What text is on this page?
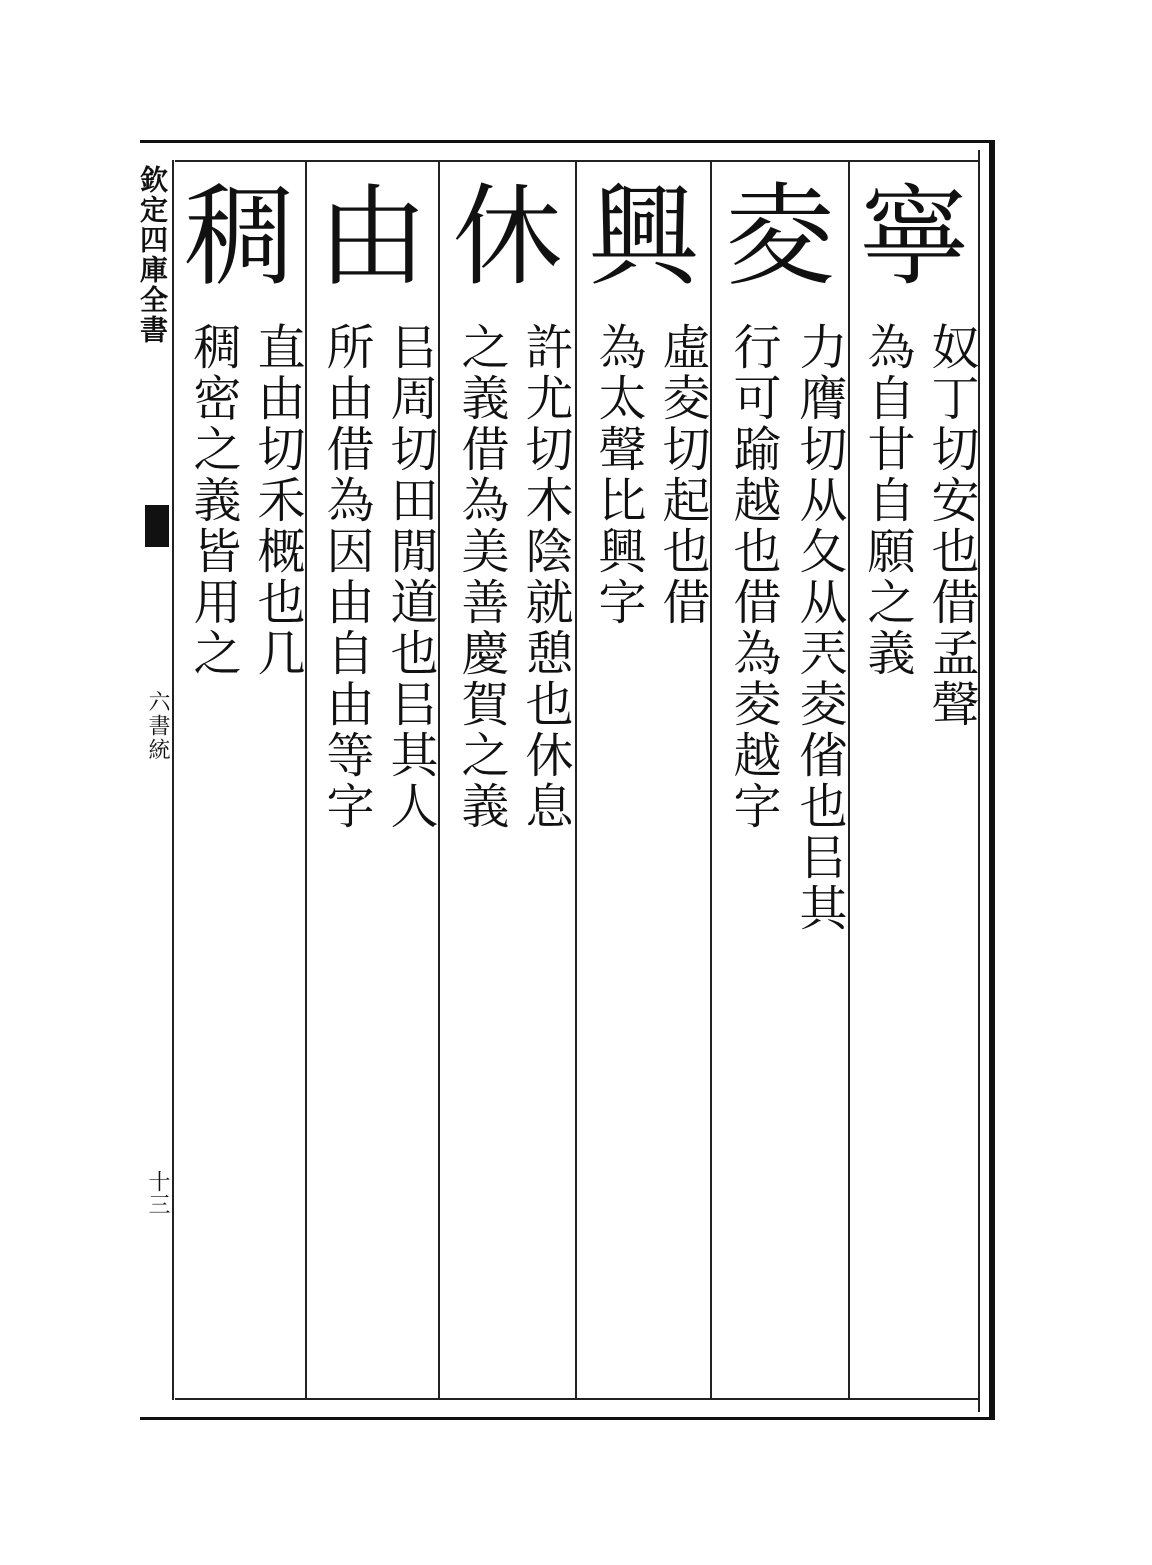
欽定四庫全書
六書統
十三
寧
奴丁切安也借孟聲
為自甘自願之義
夌
力膺切从夂从兲夌偗也㠯其
行可踰越也借為夌越字
興
虛夌切起也借
為太聲比興字
休
許尤切木陰就憩也休息
之義借為美善慶賀之義
由
㠯周切田閒道也㠯其人
所由借為因由自由等字
稠
直由切禾概也几
稠密之義皆用之
